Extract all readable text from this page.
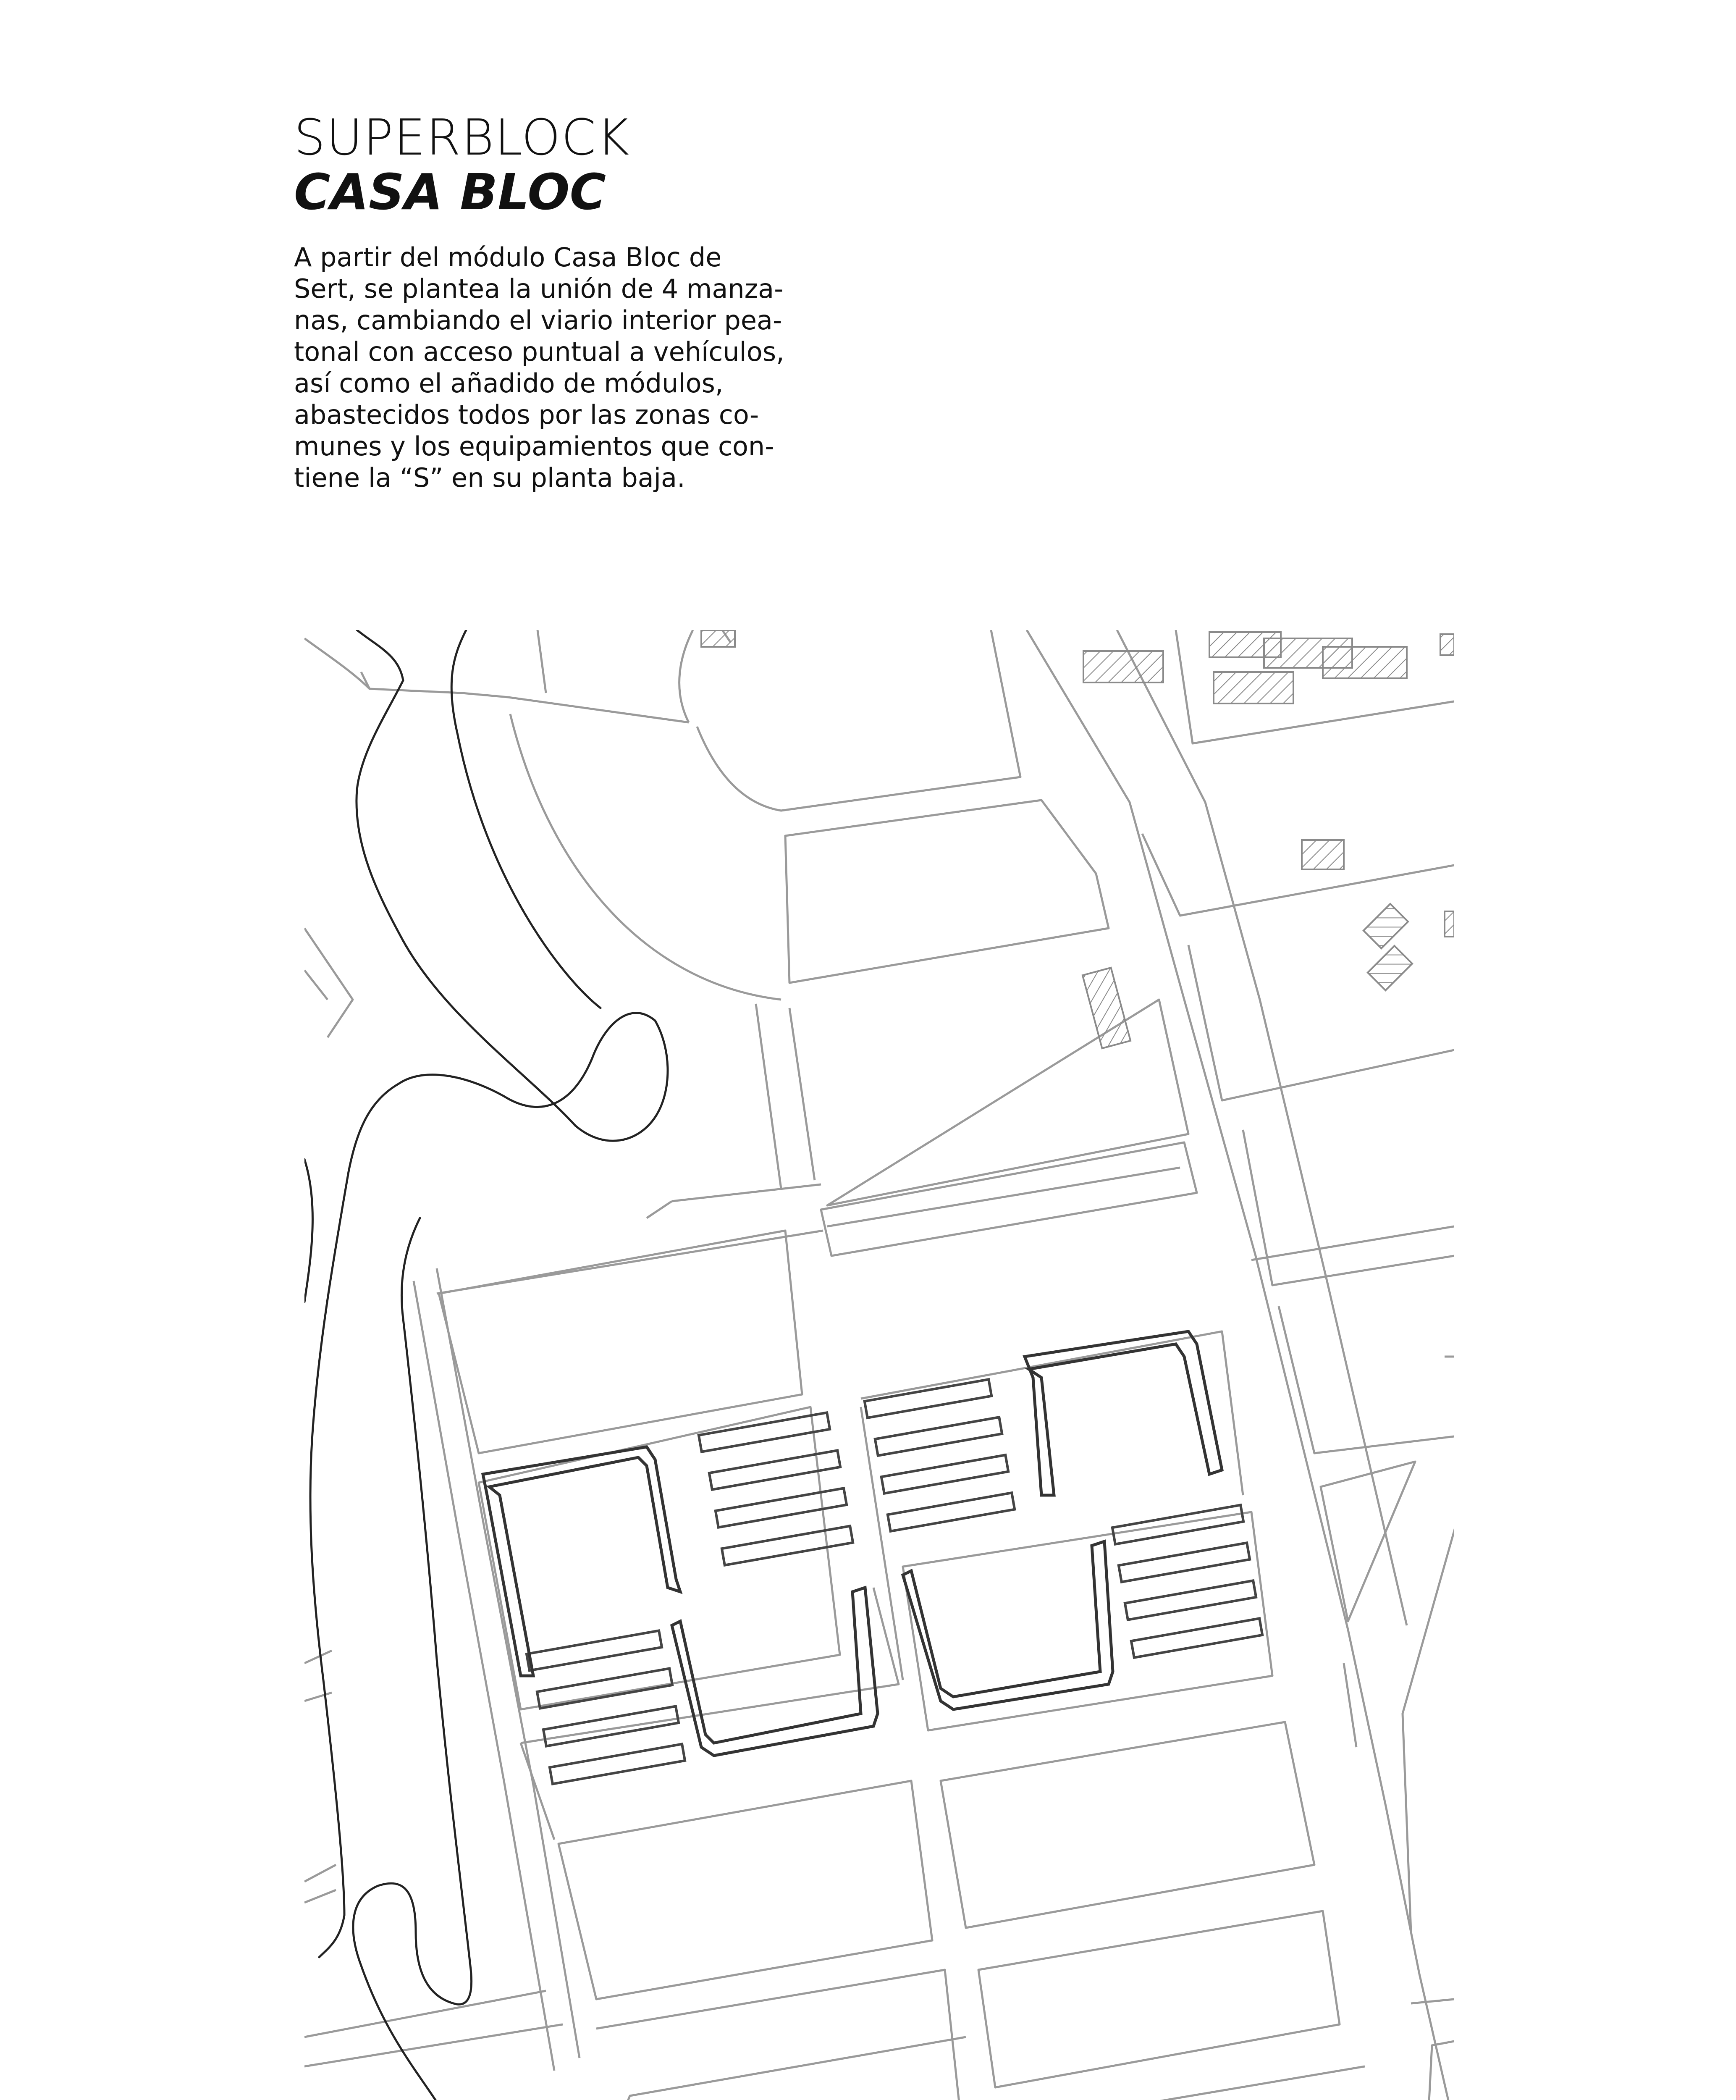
SUPERBLOCK
CASA BLOC

A partir del módulo Casa Bloc de

Sert, se plantea la unión de 4 manza-

nas, cambiando el viario interior pea-

tonal con acceso puntual a vehículos,

así como el añadido de módulos,

abastecidos todos por las zonas co-

munes y los equipamientos que con-

tiene la “S” en su planta baja.
